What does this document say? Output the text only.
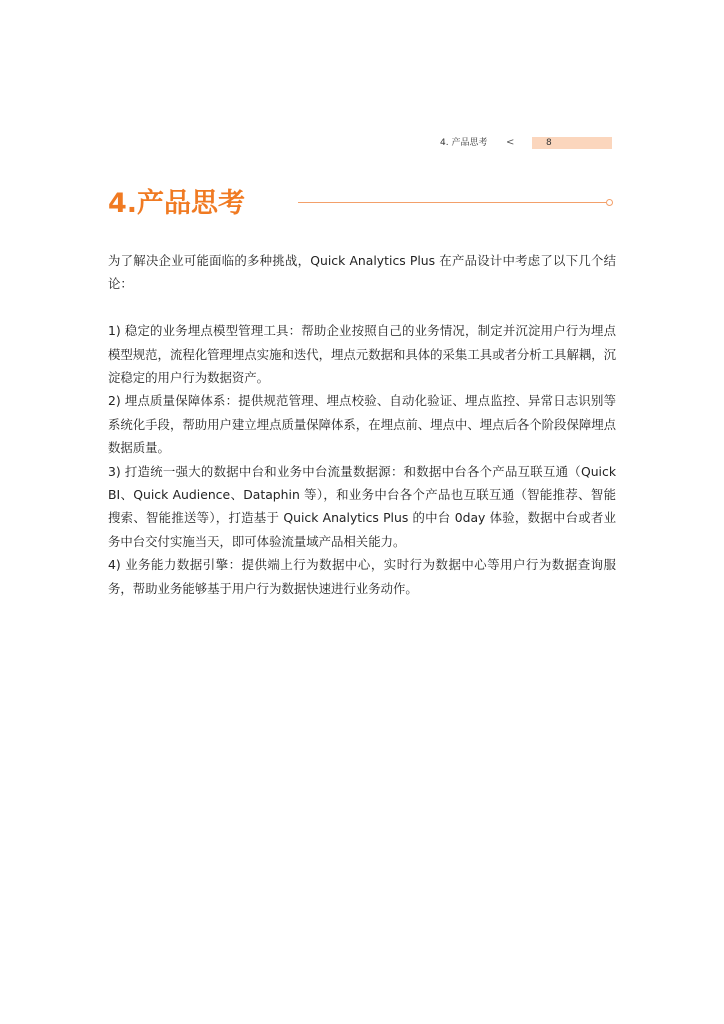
4. 产品思考 <	8
4.产品思考

为了解决企业可能面临的多种挑战，Quick Analytics Plus 在产品设计中考虑了以下几个结论：

1) 稳定的业务埋点模型管理工具：帮助企业按照自己的业务情况，制定并沉淀用户行为埋点模型规范，流程化管理埋点实施和迭代，埋点元数据和具体的采集工具或者分析工具解耦，沉淀稳定的用户行为数据资产。

2) 埋点质量保障体系：提供规范管理、埋点校验、自动化验证、埋点监控、异常日志识别等系统化手段，帮助用户建立埋点质量保障体系，在埋点前、埋点中、埋点后各个阶段保障埋点数据质量。

3) 打造统一强大的数据中台和业务中台流量数据源：和数据中台各个产品互联互通（Quick BI、Quick Audience、Dataphin 等），和业务中台各个产品也互联互通（智能推荐、智能搜索、智能推送等），打造基于 Quick Analytics Plus 的中台 0day 体验，数据中台或者业务中台交付实施当天，即可体验流量域产品相关能力。

4) 业务能力数据引擎：提供端上行为数据中心，实时行为数据中心等用户行为数据查询服务，帮助业务能够基于用户行为数据快速进行业务动作。
